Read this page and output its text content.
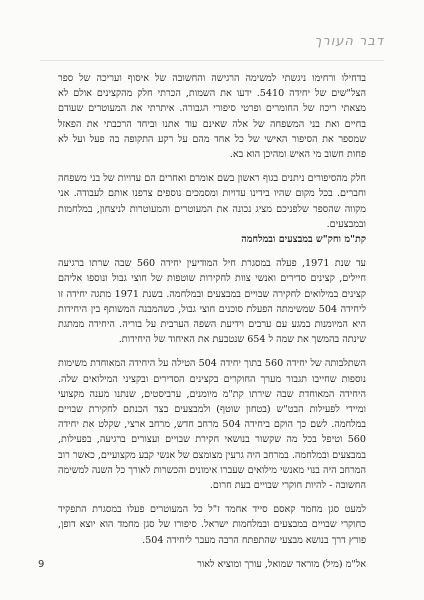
דבר העורך

בדחילו ורחימו ניגשתי למשימה הרגישה והחשובה של איסוף ועריכה של ספר הצל"שים של יחידה 5410. ידעו את השמות, הכרתי חלק מהקצינים אולם לא מצאתי ריכוז של החומרים ופרטי סיפורי הגבורה. איתרתי את המעוטרים שעודם בחיים ואת בני המשפחה של אלה שאינם עוד אתנו וביחד הרכבתי את הפאזל שמספר את הסיפור האישי של כל אחד מהם על רקע התקופה בה פעל ועל לא פחות חשוב מי האיש ומהיכן הוא בא.

חלק מהסיפורים ניתנים בגוף ראשון בשם אומרם ואחרים הם עדויות של בני משפחה וחברים. בכל מקום שהיו בידינו עדויות ומסמכים נוספים צרפנו אותם לעבודה. אני מקווה שהספר שלפניכם מציג נכונה את המעוטרים והמעוטרות לניצחון, במלחמות ובמבצעים.

קת"מ וחק"ש במבצעים ובמלחמה

עד שנת 1971, פעלה במסגרת חיל המודיעין יחידה 560 שבה שרתו ברגיעה חיילים, קצינים סדירים ואנשי צוות לחקירות שוטפות של חוצי גבול ונוספו אליהם קצינים במילואים לחקירה שבויים במבצעים ובמלחמה. בשנת 1971 מתגה יחידה זו ליחידה 504 שמשימתה הפעלת סוכנים חוצי גבול, כשהמבנה המשותף בין היחידות היא המיומנות במגע עם ערבים וידיעת השפה הערבית על בוריה. היחידה ממתגת שינתה בהמשך את שמה ל 654 שנטבעת את האיחוד של היחידות.

השתלבותה של יחידה 560 בתוך יחידה 504 הטילה על היחידה המאוחדת משימות נוספות שחייבו תגבור מערך החוקרים בקצינים הסדירים ובקציני המילואים שלה. היחידה המאוחדת שבה שירתו קת"מ מיומנים, ערביסטים, שנתנו מענה מקצועי ומיידי לפעילות הבט"ש (בטחון שוטף) ולמבצעים בצד הכנתם לחקירת שבויים במלחמה. לשם כך הוקם ביחידה 504 מרחב חדש, מרחב ארצי, שקלט את יחידה 560 וטיפל בכל מה שקשור בנושאי חקירת שבויים ועצורים ברגיעה, בפעילות, במבצעים ובמלחמה. במרחב היה גרעין מצומצם של אנשי קבע מקצועיים, כאשר רוב המרחב היה בנוי מאנשי מילואים שעברו אימונים והכשרות לאורך כל השנה למשימה החשובה - להיות חוקרי שבויים בעת חרום.

למעט סגן מחמד קאסם סייד אחמד ז"ל כל המעוטרים פעלו במסגרת התפקיד כחוקרי שבויים במבצעים ובמלחמות ישראל. סיפורו של סגן מחמד הוא יוצא דופן, פורץ דרך בנושא מבצעי שהתפתח הרבה מעבר ליחידה 504.

אל"מ (מיל) מוראד שמואל, עורך ומוציא לאור

9
